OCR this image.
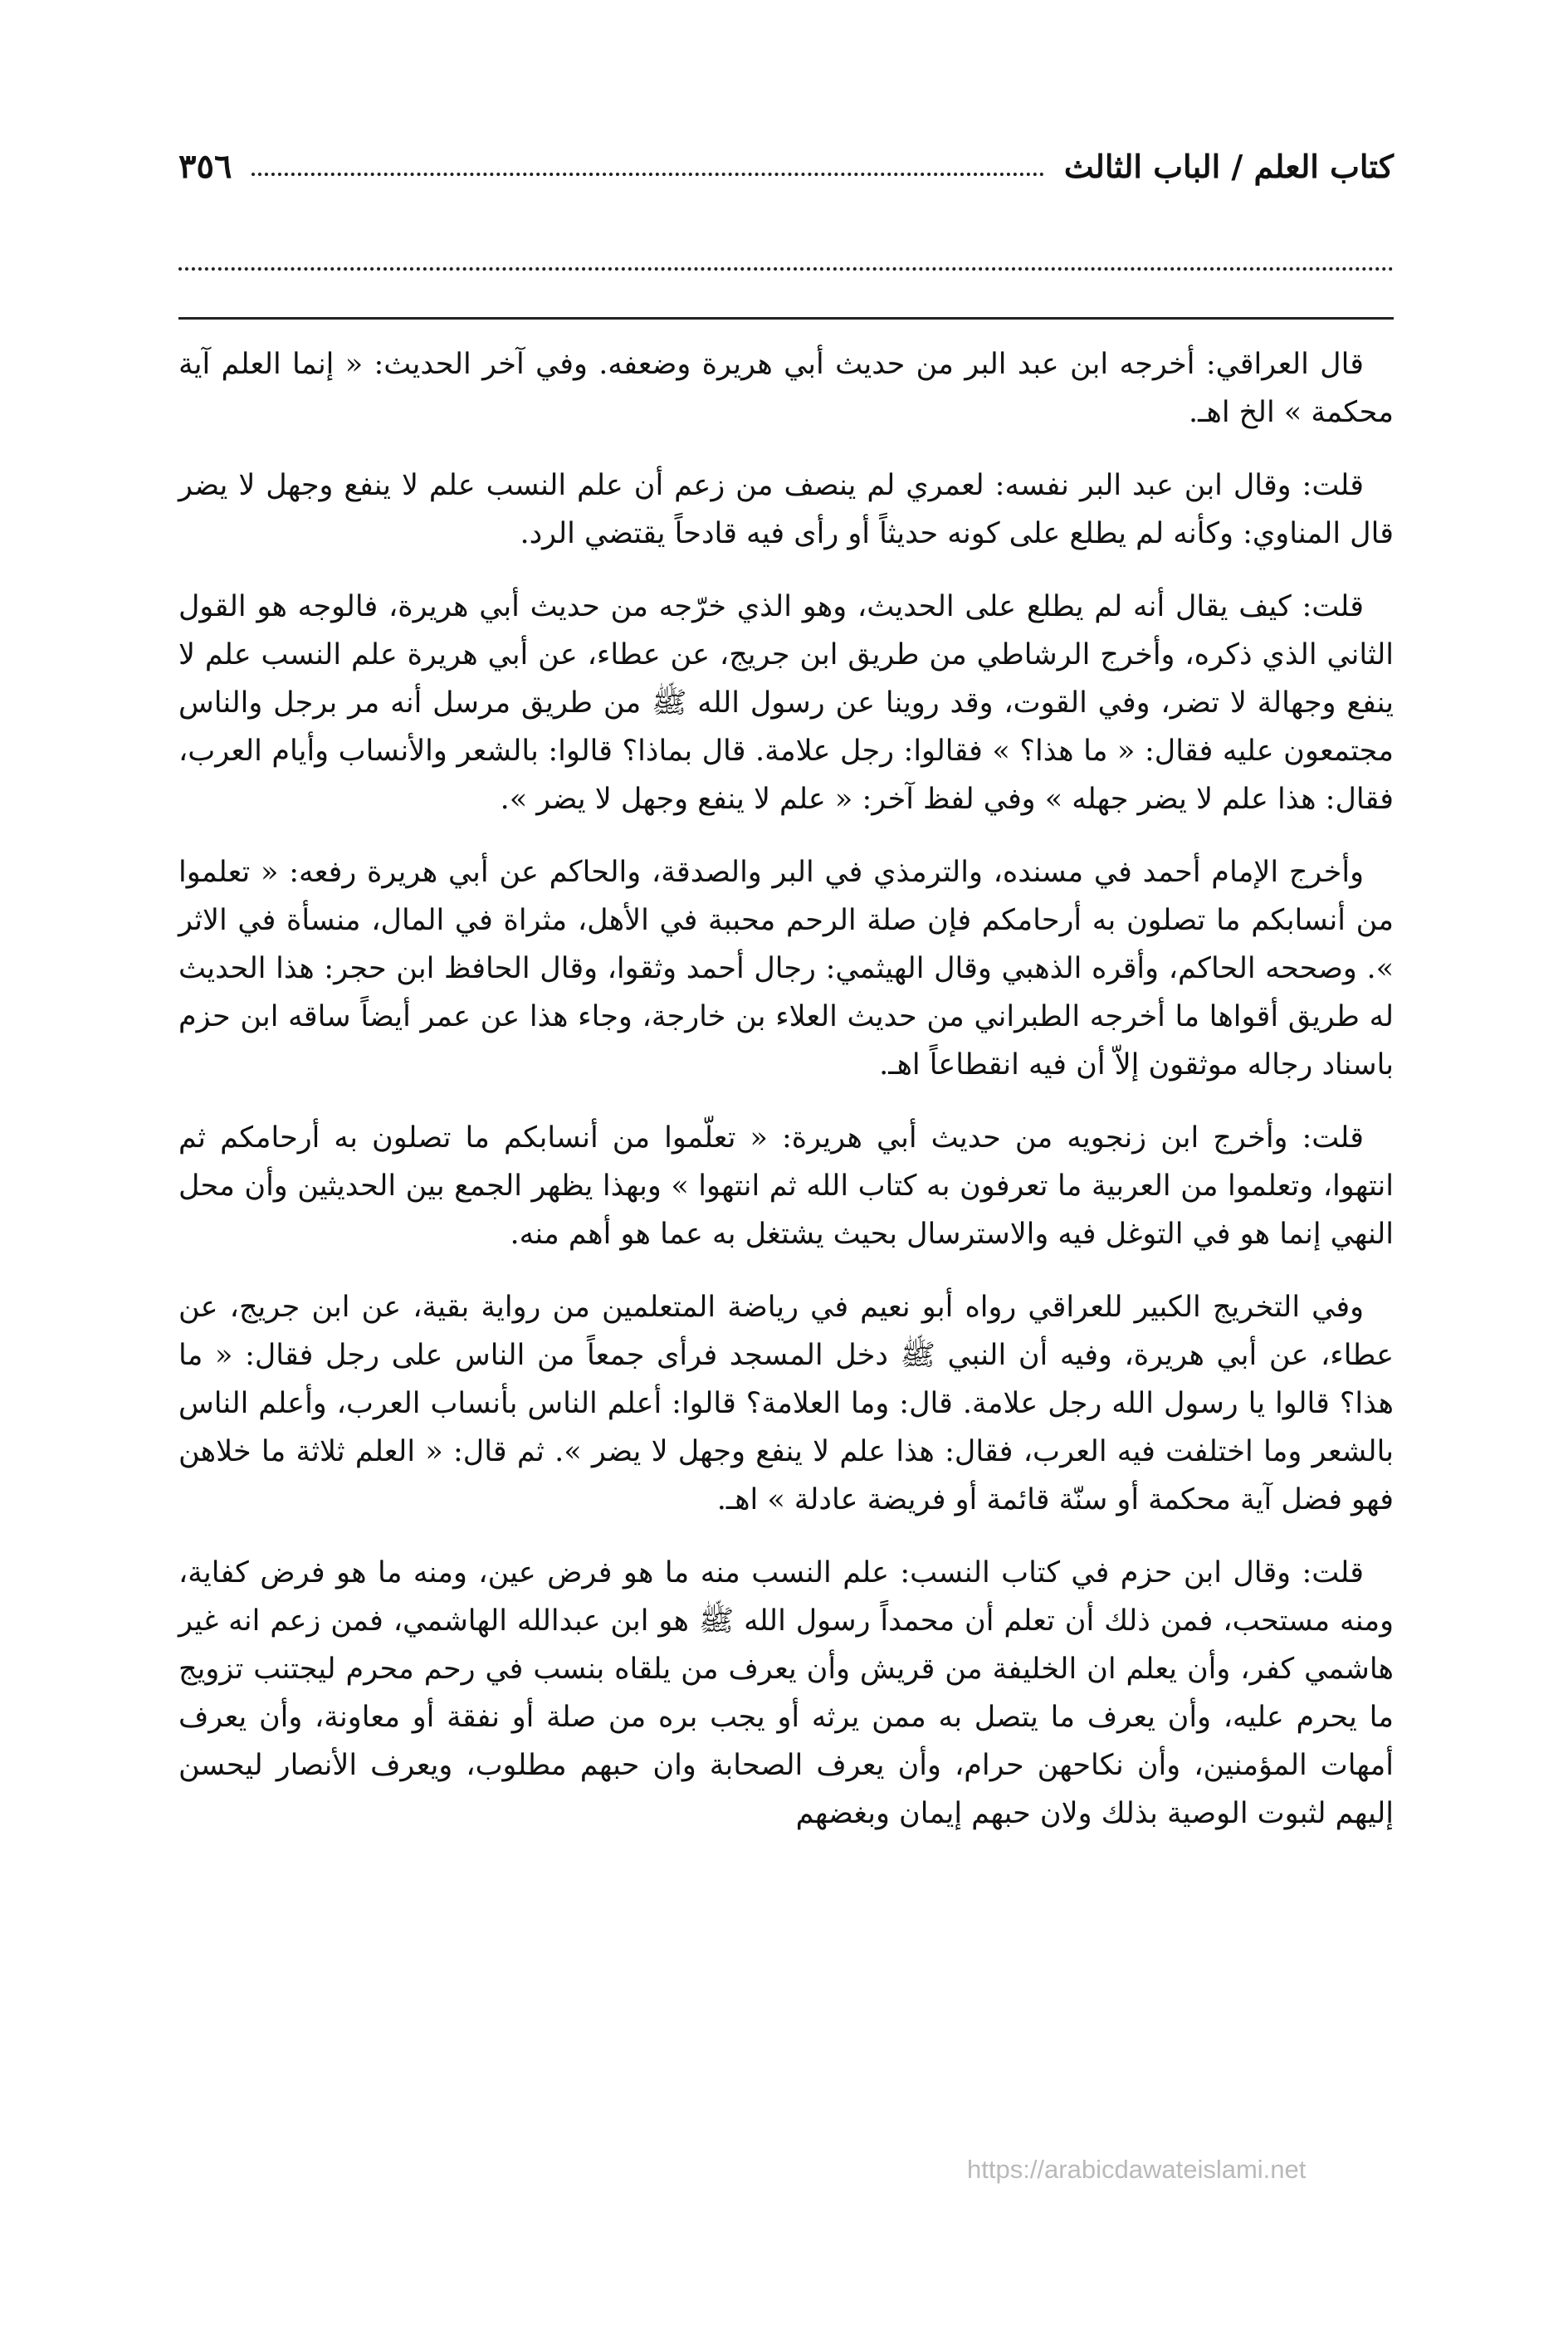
كتاب العلم / الباب الثالث
٣٥٦

قال العراقي: أخرجه ابن عبد البر من حديث أبي هريرة وضعفه. وفي آخر الحديث: « إنما العلم آية محكمة » الخ اهـ.

قلت: وقال ابن عبد البر نفسه: لعمري لم ينصف من زعم أن علم النسب علم لا ينفع وجهل لا يضر قال المناوي: وكأنه لم يطلع على كونه حديثاً أو رأى فيه قادحاً يقتضي الرد.

قلت: كيف يقال أنه لم يطلع على الحديث، وهو الذي خرّجه من حديث أبي هريرة، فالوجه هو القول الثاني الذي ذكره، وأخرج الرشاطي من طريق ابن جريج، عن عطاء، عن أبي هريرة علم النسب علم لا ينفع وجهالة لا تضر، وفي القوت، وقد روينا عن رسول الله ﷺ من طريق مرسل أنه مر برجل والناس مجتمعون عليه فقال: « ما هذا؟ » فقالوا: رجل علامة. قال بماذا؟ قالوا: بالشعر والأنساب وأيام العرب، فقال: هذا علم لا يضر جهله » وفي لفظ آخر: « علم لا ينفع وجهل لا يضر ».

وأخرج الإمام أحمد في مسنده، والترمذي في البر والصدقة، والحاكم عن أبي هريرة رفعه: « تعلموا من أنسابكم ما تصلون به أرحامكم فإن صلة الرحم محببة في الأهل، مثراة في المال، منسأة في الاثر ». وصححه الحاكم، وأقره الذهبي وقال الهيثمي: رجال أحمد وثقوا، وقال الحافظ ابن حجر: هذا الحديث له طريق أقواها ما أخرجه الطبراني من حديث العلاء بن خارجة، وجاء هذا عن عمر أيضاً ساقه ابن حزم باسناد رجاله موثقون إلاّ أن فيه انقطاعاً اهـ.

قلت: وأخرج ابن زنجويه من حديث أبي هريرة: « تعلّموا من أنسابكم ما تصلون به أرحامكم ثم انتهوا، وتعلموا من العربية ما تعرفون به كتاب الله ثم انتهوا » وبهذا يظهر الجمع بين الحديثين وأن محل النهي إنما هو في التوغل فيه والاسترسال بحيث يشتغل به عما هو أهم منه.

وفي التخريج الكبير للعراقي رواه أبو نعيم في رياضة المتعلمين من رواية بقية، عن ابن جريج، عن عطاء، عن أبي هريرة، وفيه أن النبي ﷺ دخل المسجد فرأى جمعاً من الناس على رجل فقال: « ما هذا؟ قالوا يا رسول الله رجل علامة. قال: وما العلامة؟ قالوا: أعلم الناس بأنساب العرب، وأعلم الناس بالشعر وما اختلفت فيه العرب، فقال: هذا علم لا ينفع وجهل لا يضر ». ثم قال: « العلم ثلاثة ما خلاهن فهو فضل آية محكمة أو سنّة قائمة أو فريضة عادلة » اهـ.

قلت: وقال ابن حزم في كتاب النسب: علم النسب منه ما هو فرض عين، ومنه ما هو فرض كفاية، ومنه مستحب، فمن ذلك أن تعلم أن محمداً رسول الله ﷺ هو ابن عبدالله الهاشمي، فمن زعم انه غير هاشمي كفر، وأن يعلم ان الخليفة من قريش وأن يعرف من يلقاه بنسب في رحم محرم ليجتنب تزويج ما يحرم عليه، وأن يعرف ما يتصل به ممن يرثه أو يجب بره من صلة أو نفقة أو معاونة، وأن يعرف أمهات المؤمنين، وأن نكاحهن حرام، وأن يعرف الصحابة وان حبهم مطلوب، ويعرف الأنصار ليحسن إليهم لثبوت الوصية بذلك ولان حبهم إيمان وبغضهم

https://arabicdawateislami.net
